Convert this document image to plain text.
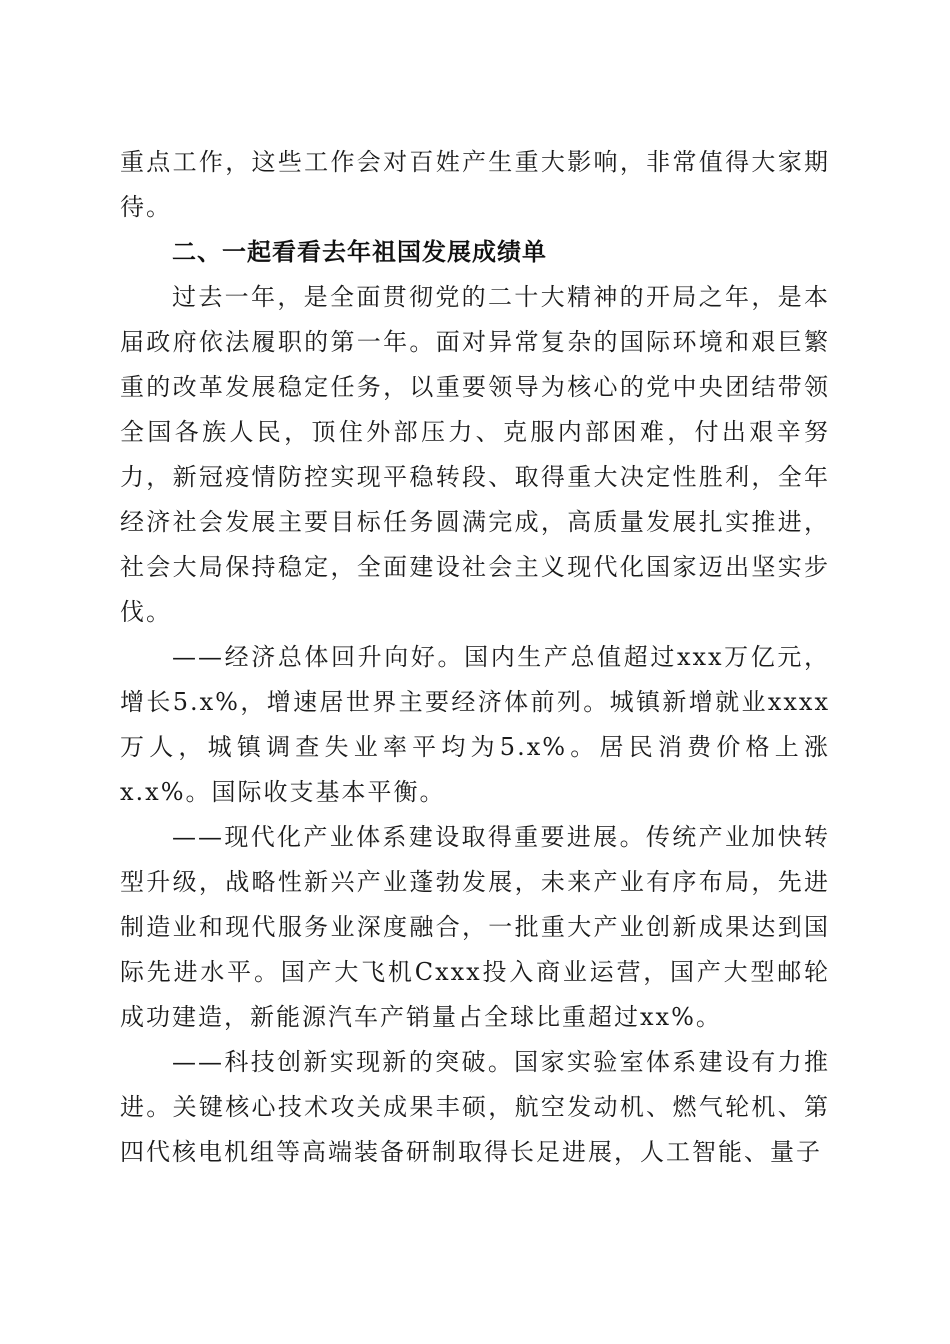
重点工作，这些工作会对百姓产生重大影响，非常值得大家期待。

二、一起看看去年祖国发展成绩单

过去一年，是全面贯彻党的二十大精神的开局之年，是本届政府依法履职的第一年。面对异常复杂的国际环境和艰巨繁重的改革发展稳定任务，以重要领导为核心的党中央团结带领全国各族人民，顶住外部压力、克服内部困难，付出艰辛努力，新冠疫情防控实现平稳转段、取得重大决定性胜利，全年经济社会发展主要目标任务圆满完成，高质量发展扎实推进，社会大局保持稳定，全面建设社会主义现代化国家迈出坚实步伐。

——经济总体回升向好。国内生产总值超过xxx万亿元，增长5.x%，增速居世界主要经济体前列。城镇新增就业xxxx万人，城镇调查失业率平均为5.x%。居民消费价格上涨x.x%。国际收支基本平衡。

——现代化产业体系建设取得重要进展。传统产业加快转型升级，战略性新兴产业蓬勃发展，未来产业有序布局，先进制造业和现代服务业深度融合，一批重大产业创新成果达到国际先进水平。国产大飞机Cxxx投入商业运营，国产大型邮轮成功建造，新能源汽车产销量占全球比重超过xx%。

——科技创新实现新的突破。国家实验室体系建设有力推进。关键核心技术攻关成果丰硕，航空发动机、燃气轮机、第四代核电机组等高端装备研制取得长足进展，人工智能、量子
